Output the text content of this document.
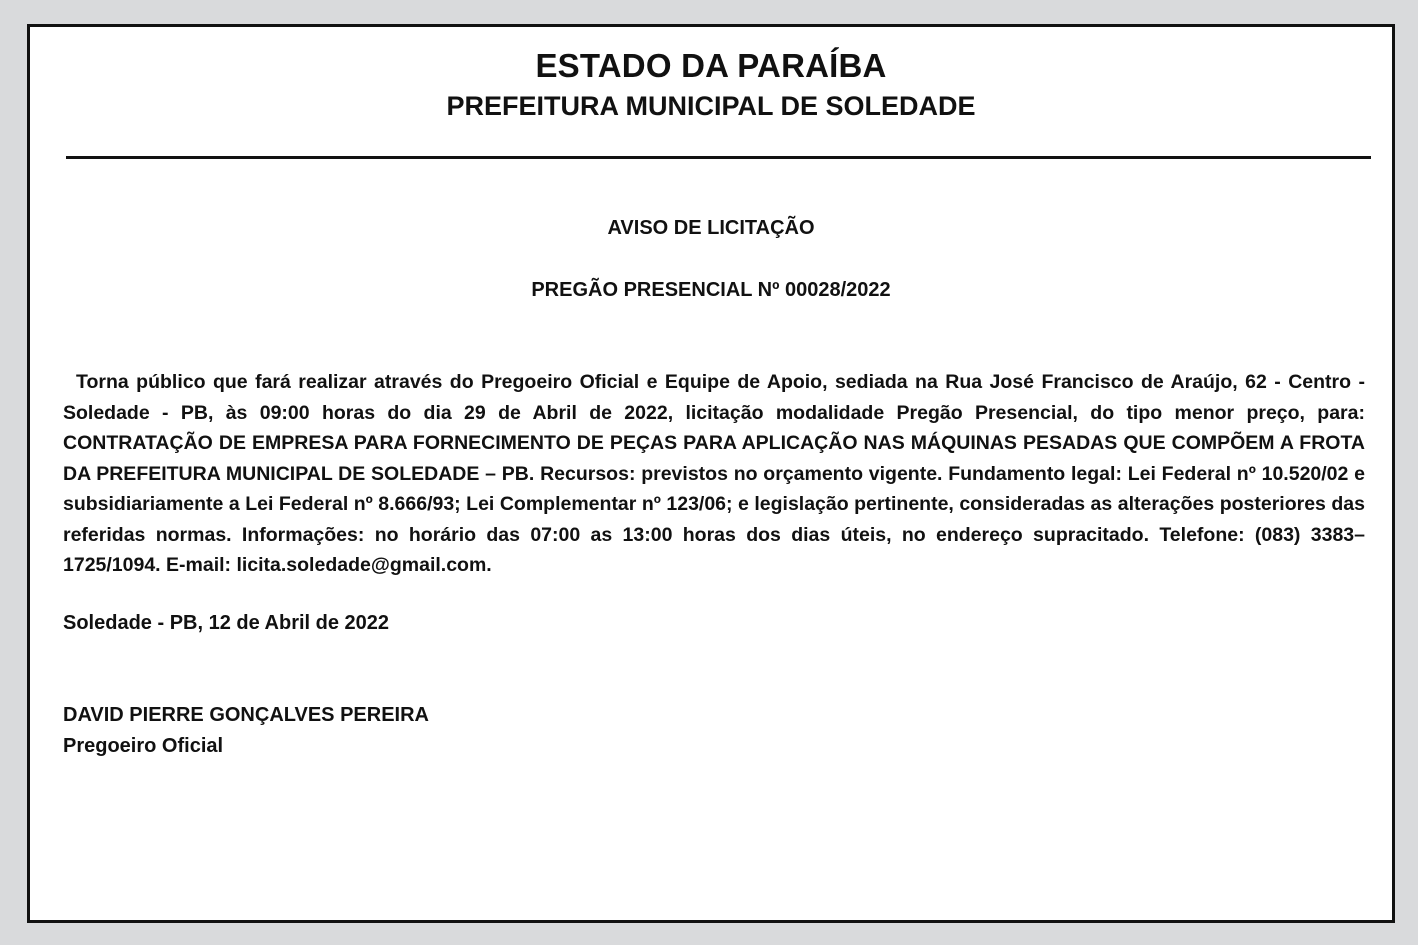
ESTADO DA PARAÍBA
PREFEITURA MUNICIPAL DE SOLEDADE
AVISO DE LICITAÇÃO
PREGÃO PRESENCIAL Nº 00028/2022

Torna público que fará realizar através do Pregoeiro Oficial e Equipe de Apoio, sediada na Rua José Francisco de Araújo, 62 - Centro - Soledade - PB, às 09:00 horas do dia 29 de Abril de 2022, licitação modalidade Pregão Presencial, do tipo menor preço, para: CONTRATAÇÃO DE EMPRESA PARA FORNECIMENTO DE PEÇAS PARA APLICAÇÃO NAS MÁQUINAS PESADAS QUE COMPÕEM A FROTA DA PREFEITURA MUNICIPAL DE SOLEDADE – PB. Recursos: previstos no orçamento vigente. Fundamento legal: Lei Federal nº 10.520/02 e subsidiariamente a Lei Federal nº 8.666/93; Lei Complementar nº 123/06; e legislação pertinente, consideradas as alterações posteriores das referidas normas. Informações: no horário das 07:00 as 13:00 horas dos dias úteis, no endereço supracitado. Telefone: (083) 3383–1725/1094. E-mail: licita.soledade@gmail.com.

Soledade - PB, 12 de Abril de 2022
DAVID PIERRE GONÇALVES PEREIRA
Pregoeiro Oficial
